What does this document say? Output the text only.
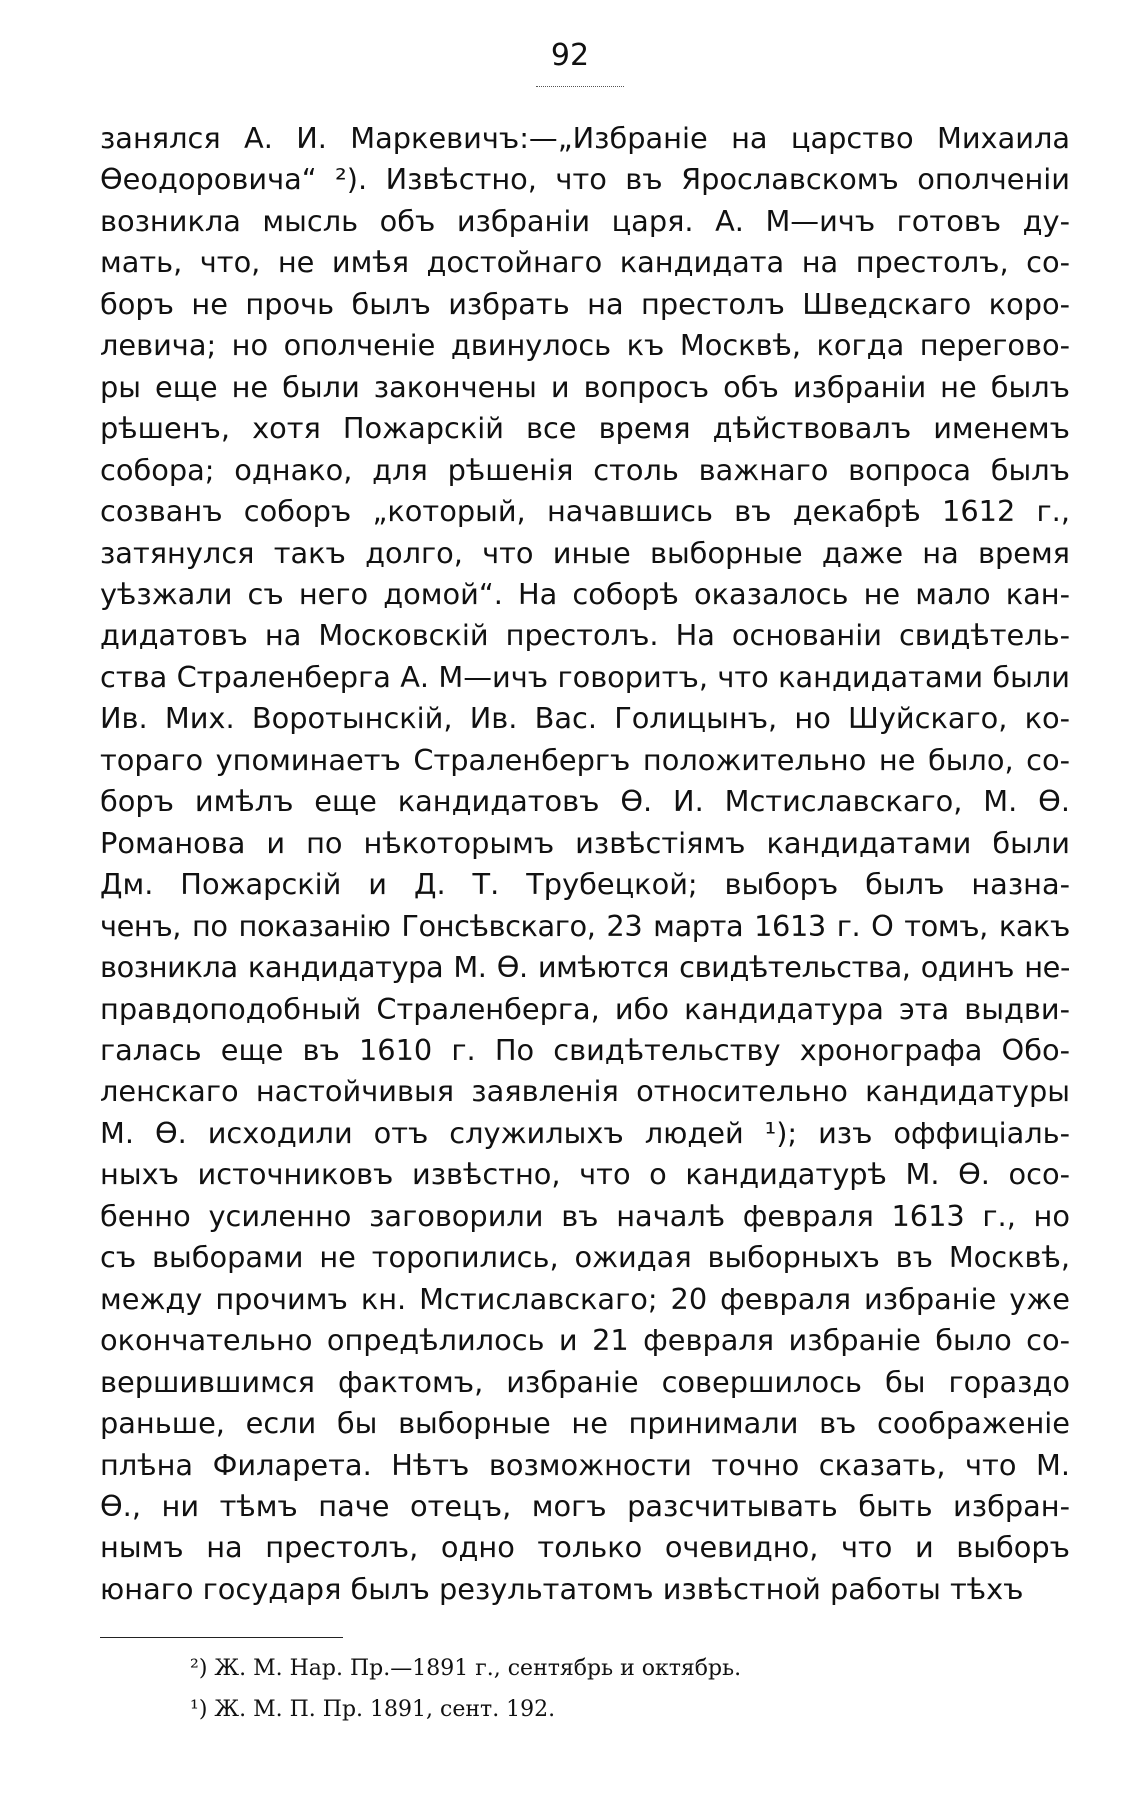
92
занялся А. И. Маркевичъ:—„Избраніе на царство Михаила
Ѳеодоровича“ ²). Извѣстно, что въ Ярославскомъ ополченіи
возникла мысль объ избраніи царя. А. М—ичъ готовъ ду-
мать, что, не имѣя достойнаго кандидата на престолъ, со-
боръ не прочь былъ избрать на престолъ Шведскаго коро-
левича; но ополченіе двинулось къ Москвѣ, когда перегово-
ры еще не были закончены и вопросъ объ избраніи не былъ
рѣшенъ, хотя Пожарскій все время дѣйствовалъ именемъ
собора; однако, для рѣшенія столь важнаго вопроса былъ
созванъ соборъ „который, начавшись въ декабрѣ 1612 г.,
затянулся такъ долго, что иные выборные даже на время
уѣзжали съ него домой“. На соборѣ оказалось не мало кан-
дидатовъ на Московскій престолъ. На основаніи свидѣтель-
ства Страленберга А. М—ичъ говоритъ, что кандидатами были
Ив. Мих. Воротынскій, Ив. Вас. Голицынъ, но Шуйскаго, ко-
тораго упоминаетъ Страленбергъ положительно не было, со-
боръ имѣлъ еще кандидатовъ Ѳ. И. Мстиславскаго, М. Ѳ.
Романова и по нѣкоторымъ извѣстіямъ кандидатами были
Дм. Пожарскій и Д. Т. Трубецкой; выборъ былъ назна-
ченъ, по показанію Гонсѣвскаго, 23 марта 1613 г. О томъ, какъ
возникла кандидатура М. Ѳ. имѣются свидѣтельства, одинъ не-
правдоподобный Страленберга, ибо кандидатура эта выдви-
галась еще въ 1610 г. По свидѣтельству хронографа Обо-
ленскаго настойчивыя заявленія относительно кандидатуры
М. Ѳ. исходили отъ служилыхъ людей ¹); изъ оффиціаль-
ныхъ источниковъ извѣстно, что о кандидатурѣ М. Ѳ. осо-
бенно усиленно заговорили въ началѣ февраля 1613 г., но
съ выборами не торопились, ожидая выборныхъ въ Москвѣ,
между прочимъ кн. Мстиславскаго; 20 февраля избраніе уже
окончательно опредѣлилось и 21 февраля избраніе было со-
вершившимся фактомъ, избраніе совершилось бы гораздо
раньше, если бы выборные не принимали въ соображеніе
плѣна Филарета. Нѣтъ возможности точно сказать, что М.
Ѳ., ни тѣмъ паче отецъ, могъ разсчитывать быть избран-
нымъ на престолъ, одно только очевидно, что и выборъ
юнаго государя былъ результатомъ извѣстной работы тѣхъ
²) Ж. М. Нар. Пр.—1891 г., сентябрь и октябрь.
¹) Ж. М. П. Пр. 1891, сент. 192.
